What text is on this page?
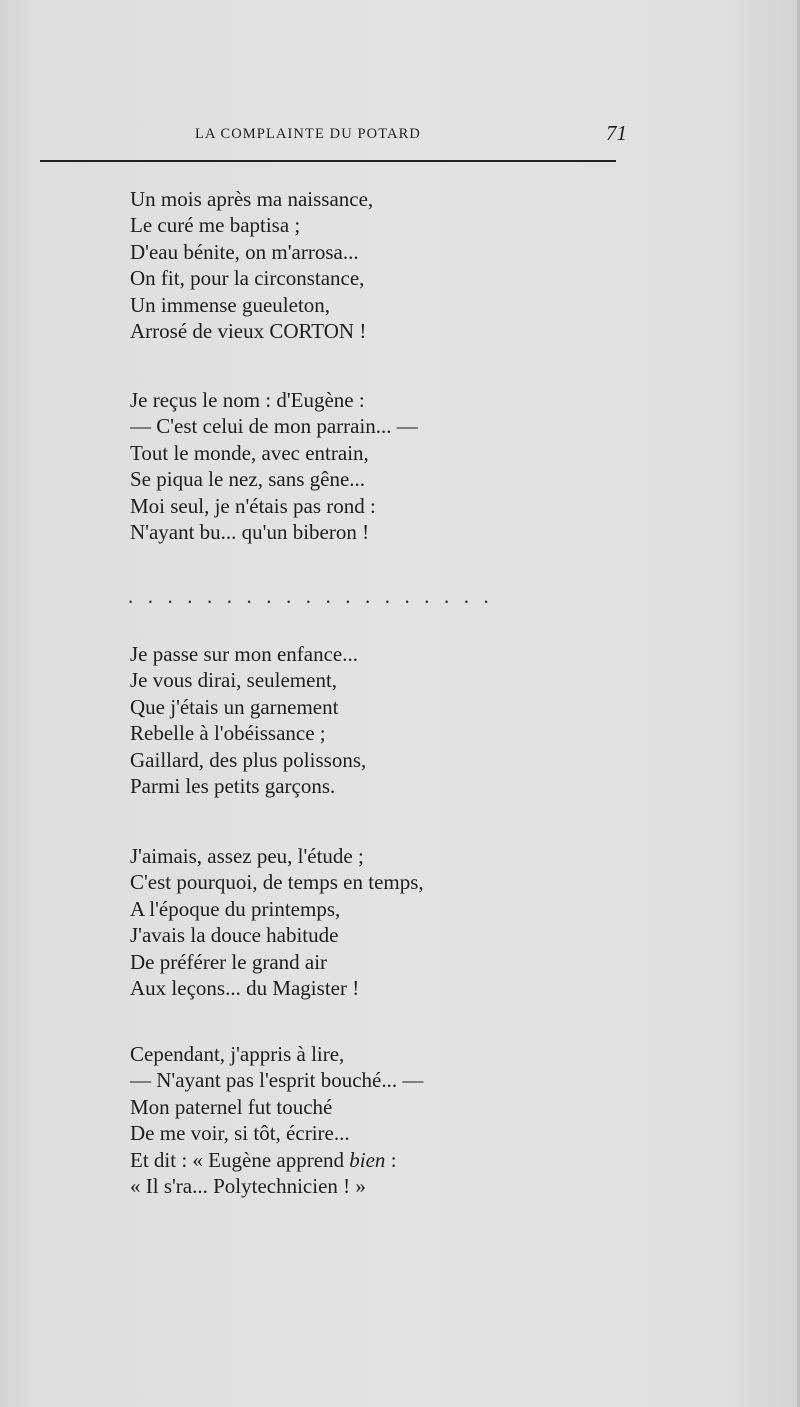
LA COMPLAINTE DU POTARD	71
Un mois après ma naissance,
Le curé me baptisa ;
D'eau bénite, on m'arrosa...
On fit, pour la circonstance,
Un immense gueuleton,
Arrosé de vieux CORTON !
Je reçus le nom : d'Eugène :
— C'est celui de mon parrain... —
Tout le monde, avec entrain,
Se piqua le nez, sans gêne...
Moi seul, je n'étais pas rond :
N'ayant bu... qu'un biberon !
...................
Je passe sur mon enfance...
Je vous dirai, seulement,
Que j'étais un garnement
Rebelle à l'obéissance ;
Gaillard, des plus polissons,
Parmi les petits garçons.
J'aimais, assez peu, l'étude ;
C'est pourquoi, de temps en temps,
A l'époque du printemps,
J'avais la douce habitude
De préférer le grand air
Aux leçons... du Magister !
Cependant, j'appris à lire,
— N'ayant pas l'esprit bouché... —
Mon paternel fut touché
De me voir, si tôt, écrire...
Et dit : « Eugène apprend bien :
« Il s'ra... Polytechnicien ! »
